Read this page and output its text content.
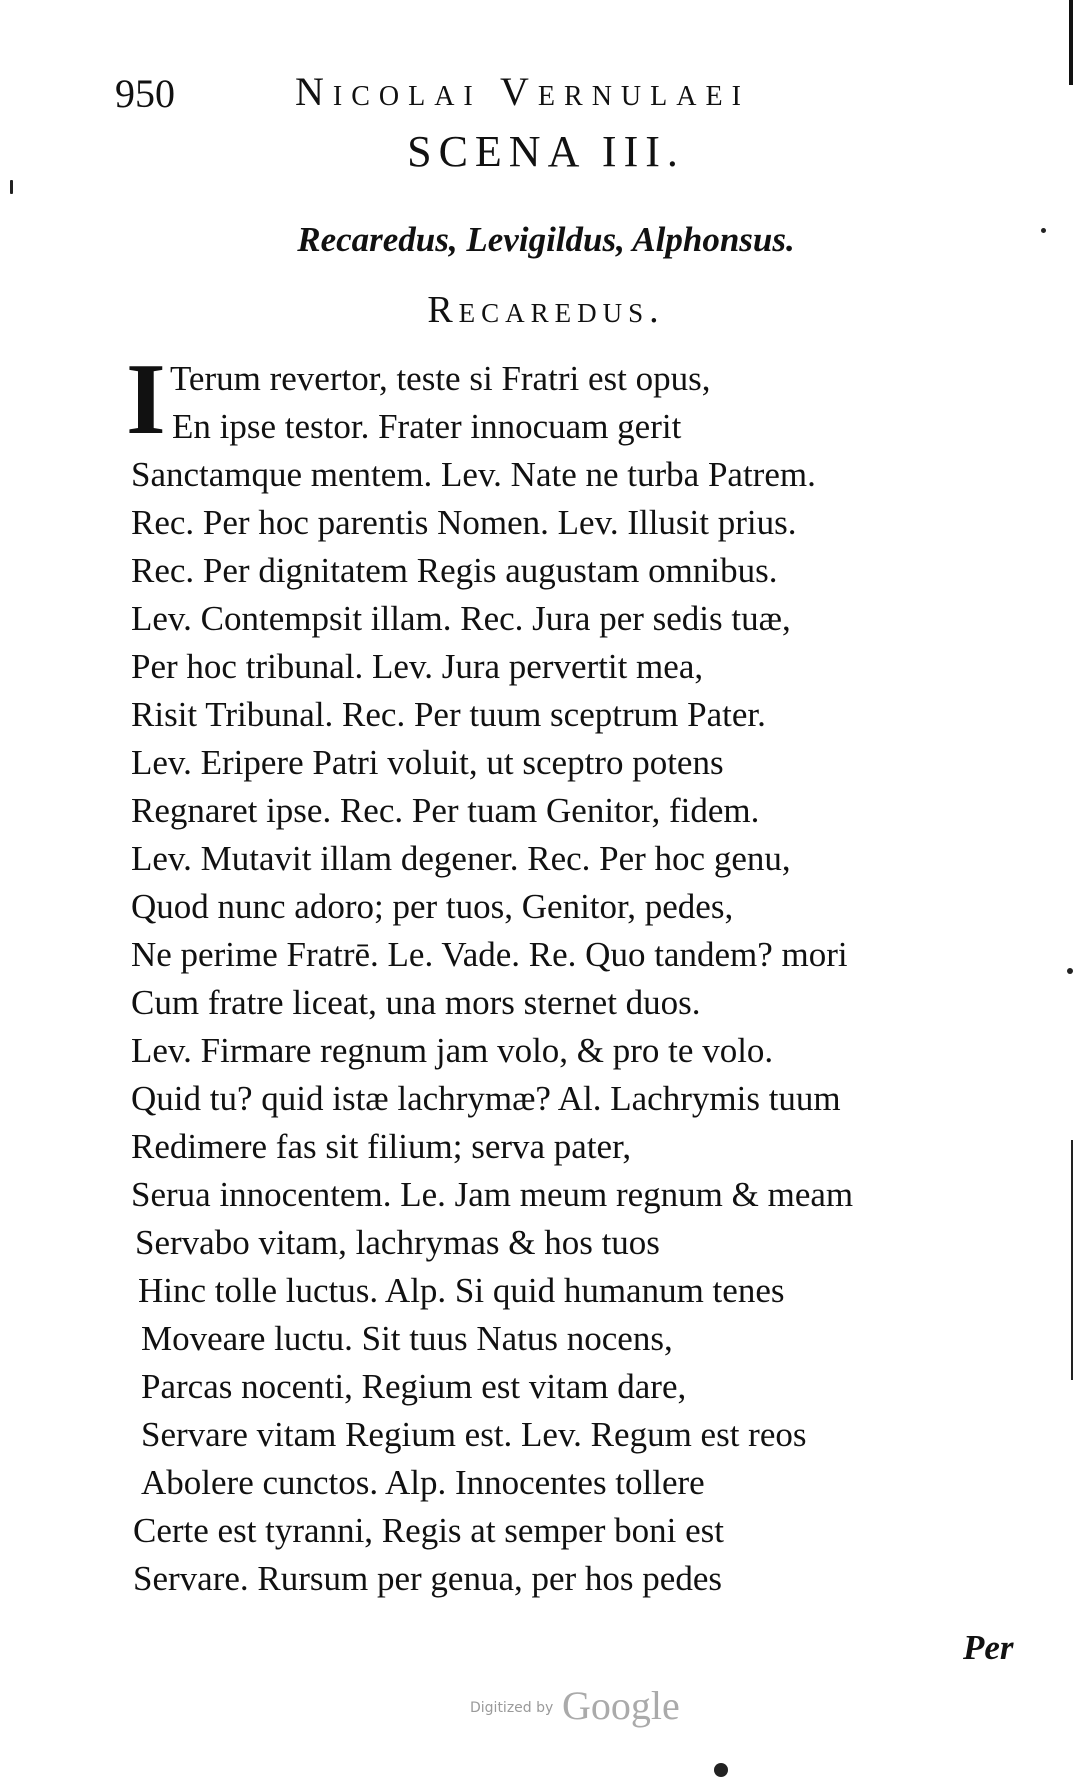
950	Nicolai Vernulaei
SCENA III.
Recaredus, Levigildus, Alphonsus.
Recaredus.
I Terum revertor, teste si Fratri est opus,
En ipse testor. Frater innocuam gerit
Sanctamque mentem. Lev. Nate ne turba Patrem.
Rec. Per hoc parentis Nomen. Lev. Illusit prius.
Rec. Per dignitatem Regis augustam omnibus.
Lev. Contempsit illam. Rec. Jura per sedis tuæ,
Per hoc tribunal. Lev. Jura pervertit mea,
Risit Tribunal. Rec. Per tuum sceptrum Pater.
Lev. Eripere Patri voluit, ut sceptro potens
Regnaret ipse. Rec. Per tuam Genitor, fidem.
Lev. Mutavit illam degener. Rec. Per hoc genu,
Quod nunc adoro; per tuos, Genitor, pedes,
Ne perime Fratrē. Le. Vade. Re. Quo tandem? mori
Cum fratre liceat, una mors sternet duos.
Lev. Firmare regnum jam volo, & pro te volo.
Quid tu? quid istæ lachrymæ? Al. Lachrymis tuum
Redimere fas sit filium; serva pater,
Serua innocentem. Le. Jam meum regnum & meam
Servabo vitam, lachrymas & hos tuos
Hinc tolle luctus. Alp. Si quid humanum tenes
Moveare luctu. Sit tuus Natus nocens,
Parcas nocenti, Regium est vitam dare,
Servare vitam Regium est. Lev. Regum est reos
Abolere cunctos. Alp. Innocentes tollere
Certe est tyranni, Regis at semper boni est
Servare. Rursum per genua, per hos pedes
Per
Digitized by Google
